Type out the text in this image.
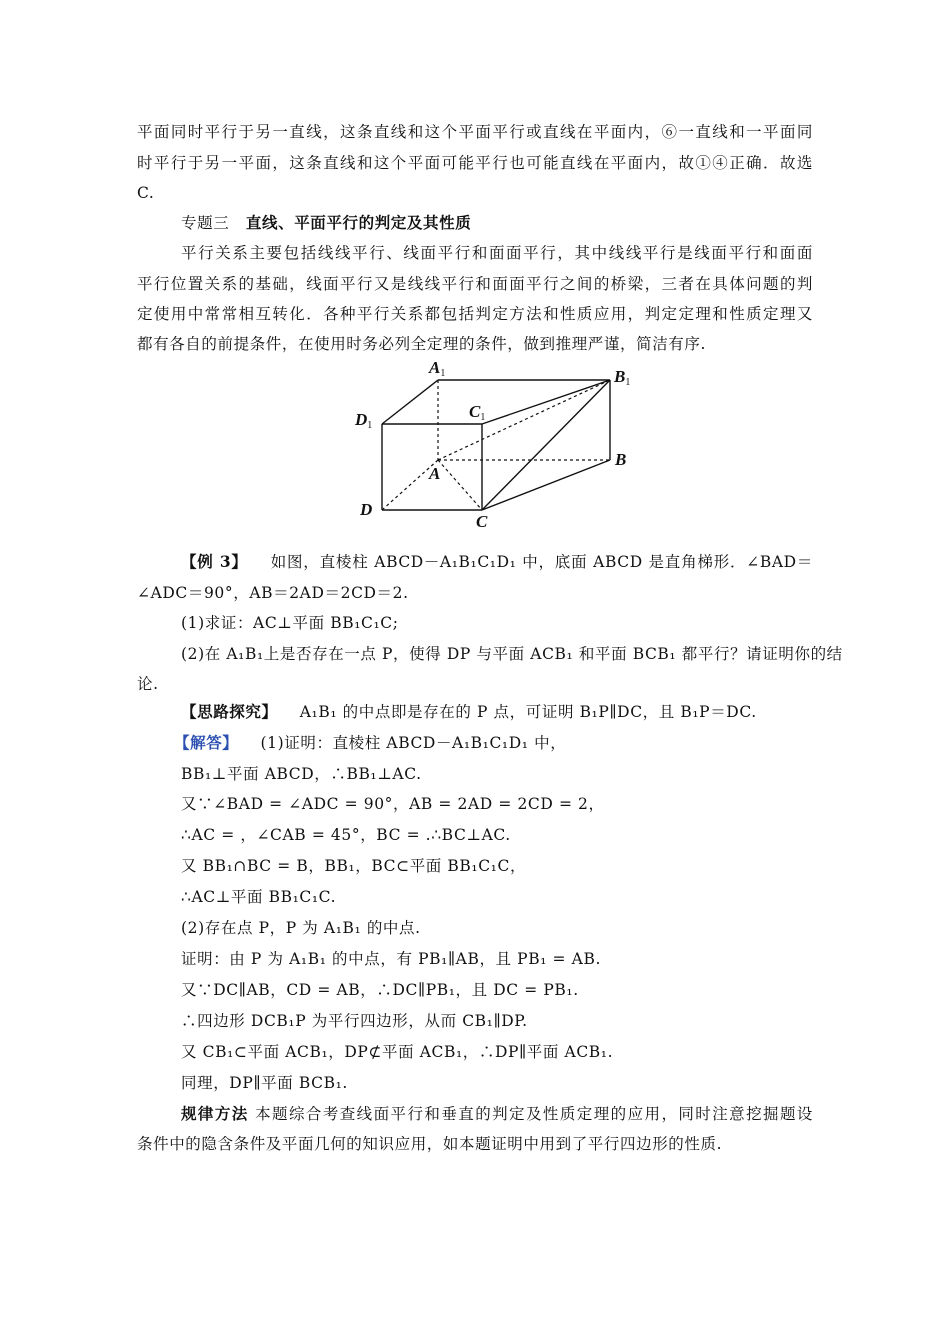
平面同时平行于另一直线，这条直线和这个平面平行或直线在平面内，⑥一直线和一平面同
时平行于另一平面，这条直线和这个平面可能平行也可能直线在平面内，故①④正确．故选
C.
专题三 直线、平面平行的判定及其性质
平行关系主要包括线线平行、线面平行和面面平行，其中线线平行是线面平行和面面
平行位置关系的基础，线面平行又是线线平行和面面平行之间的桥梁，三者在具体问题的判
定使用中常常相互转化．各种平行关系都包括判定方法和性质应用，判定定理和性质定理又
都有各自的前提条件，在使用时务必列全定理的条件，做到推理严谨，简洁有序.
A1	B1
C1
D1
A
B
C
D
【例 3】 如图，直棱柱 ABCD－A₁B₁C₁D₁ 中，底面 ABCD 是直角梯形．∠BAD＝
∠ADC＝90°，AB＝2AD＝2CD＝2.
(1)求证：AC⊥平面 BB₁C₁C;
(2)在 A₁B₁上是否存在一点 P，使得 DP 与平面 ACB₁ 和平面 BCB₁ 都平行？请证明你的结
论.
【思路探究】 A₁B₁ 的中点即是存在的 P 点，可证明 B₁P∥DC，且 B₁P＝DC.
【解答】 (1)证明：直棱柱 ABCD－A₁B₁C₁D₁ 中，
BB₁⊥平面 ABCD，∴BB₁⊥AC.
又∵∠BAD = ∠ADC = 90°，AB = 2AD = 2CD = 2，
∴AC = ，∠CAB = 45°，BC = .∴BC⊥AC.
又 BB₁∩BC = B，BB₁，BC⊂平面 BB₁C₁C，
∴AC⊥平面 BB₁C₁C.
(2)存在点 P，P 为 A₁B₁ 的中点.
证明：由 P 为 A₁B₁ 的中点，有 PB₁∥AB，且 PB₁ = AB.
又∵DC∥AB，CD = AB，∴DC∥PB₁，且 DC = PB₁.
∴四边形 DCB₁P 为平行四边形，从而 CB₁∥DP.
又 CB₁⊂平面 ACB₁，DP⊄平面 ACB₁，∴DP∥平面 ACB₁.
同理，DP∥平面 BCB₁.
规律方法 本题综合考查线面平行和垂直的判定及性质定理的应用，同时注意挖掘题设
条件中的隐含条件及平面几何的知识应用，如本题证明中用到了平行四边形的性质.
